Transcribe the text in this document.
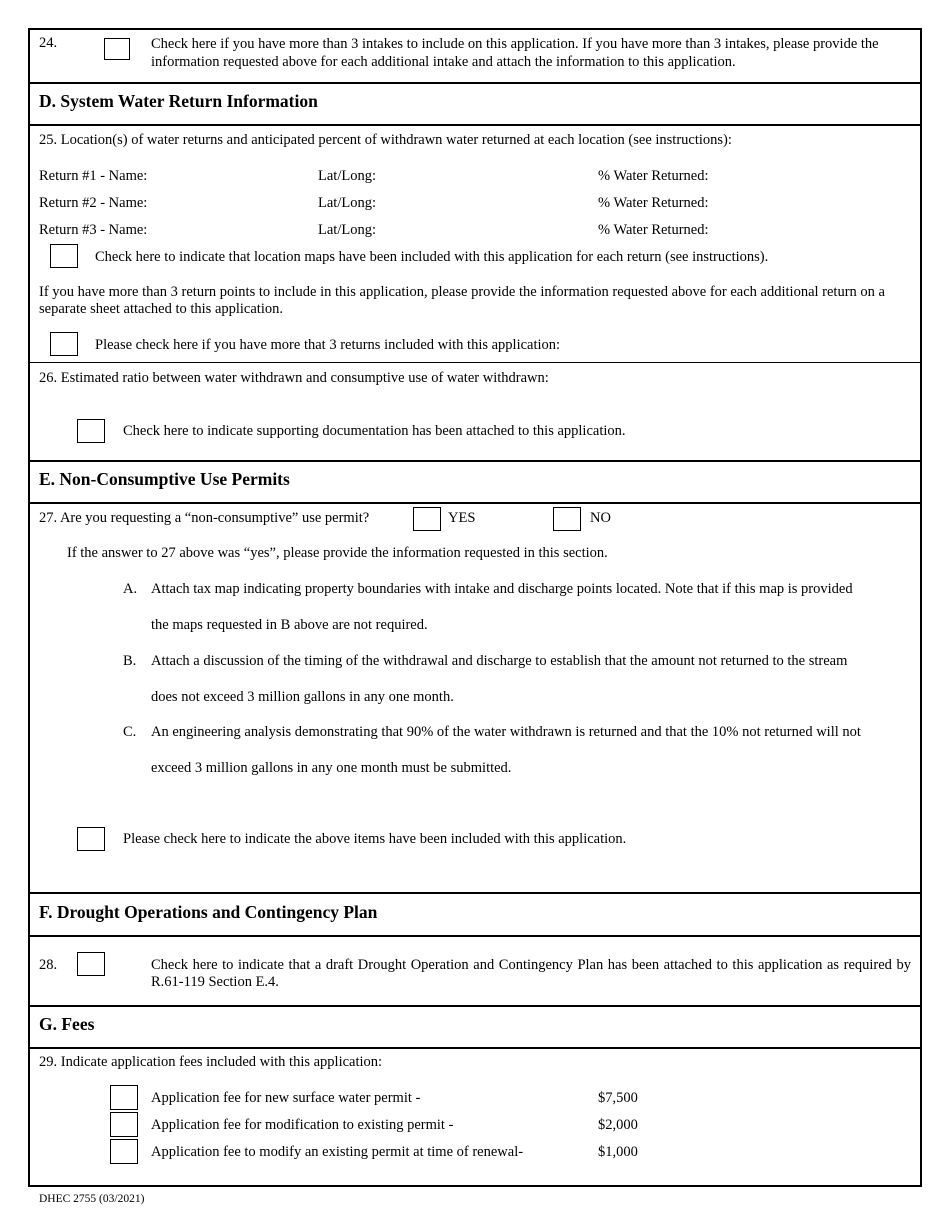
24.	Check here if you have more than 3 intakes to include on this application. If you have more than 3 intakes, please provide the information requested above for each additional intake and attach the information to this application.
D. System Water Return Information
25. Location(s) of water returns and anticipated percent of withdrawn water returned at each location (see instructions):
Return #1 - Name:	Lat/Long:	% Water Returned:
Return #2 - Name:	Lat/Long:	% Water Returned:
Return #3 - Name:	Lat/Long:	% Water Returned:
Check here to indicate that location maps have been included with this application for each return (see instructions).
If you have more than 3 return points to include in this application, please provide the information requested above for each additional return on a separate sheet attached to this application.
Please check here if you have more that 3 returns included with this application:
26. Estimated ratio between water withdrawn and consumptive use of water withdrawn:
Check here to indicate supporting documentation has been attached to this application.
E. Non-Consumptive Use Permits
27. Are you requesting a “non-consumptive” use permit?	YES	NO
If the answer to 27 above was “yes”, please provide the information requested in this section.
A. Attach tax map indicating property boundaries with intake and discharge points located. Note that if this map is provided
the maps requested in B above are not required.
B. Attach a discussion of the timing of the withdrawal and discharge to establish that the amount not returned to the stream
does not exceed 3 million gallons in any one month.
C. An engineering analysis demonstrating that 90% of the water withdrawn is returned and that the 10% not returned will not
exceed 3 million gallons in any one month must be submitted.
Please check here to indicate the above items have been included with this application.
F. Drought Operations and Contingency Plan
28.	Check here to indicate that a draft Drought Operation and Contingency Plan has been attached to this application as required by R.61-119 Section E.4.
G. Fees
29. Indicate application fees included with this application:
Application fee for new surface water permit -	$7,500
Application fee for modification to existing permit -	$2,000
Application fee to modify an existing permit at time of renewal-	$1,000
DHEC 2755 (03/2021)
